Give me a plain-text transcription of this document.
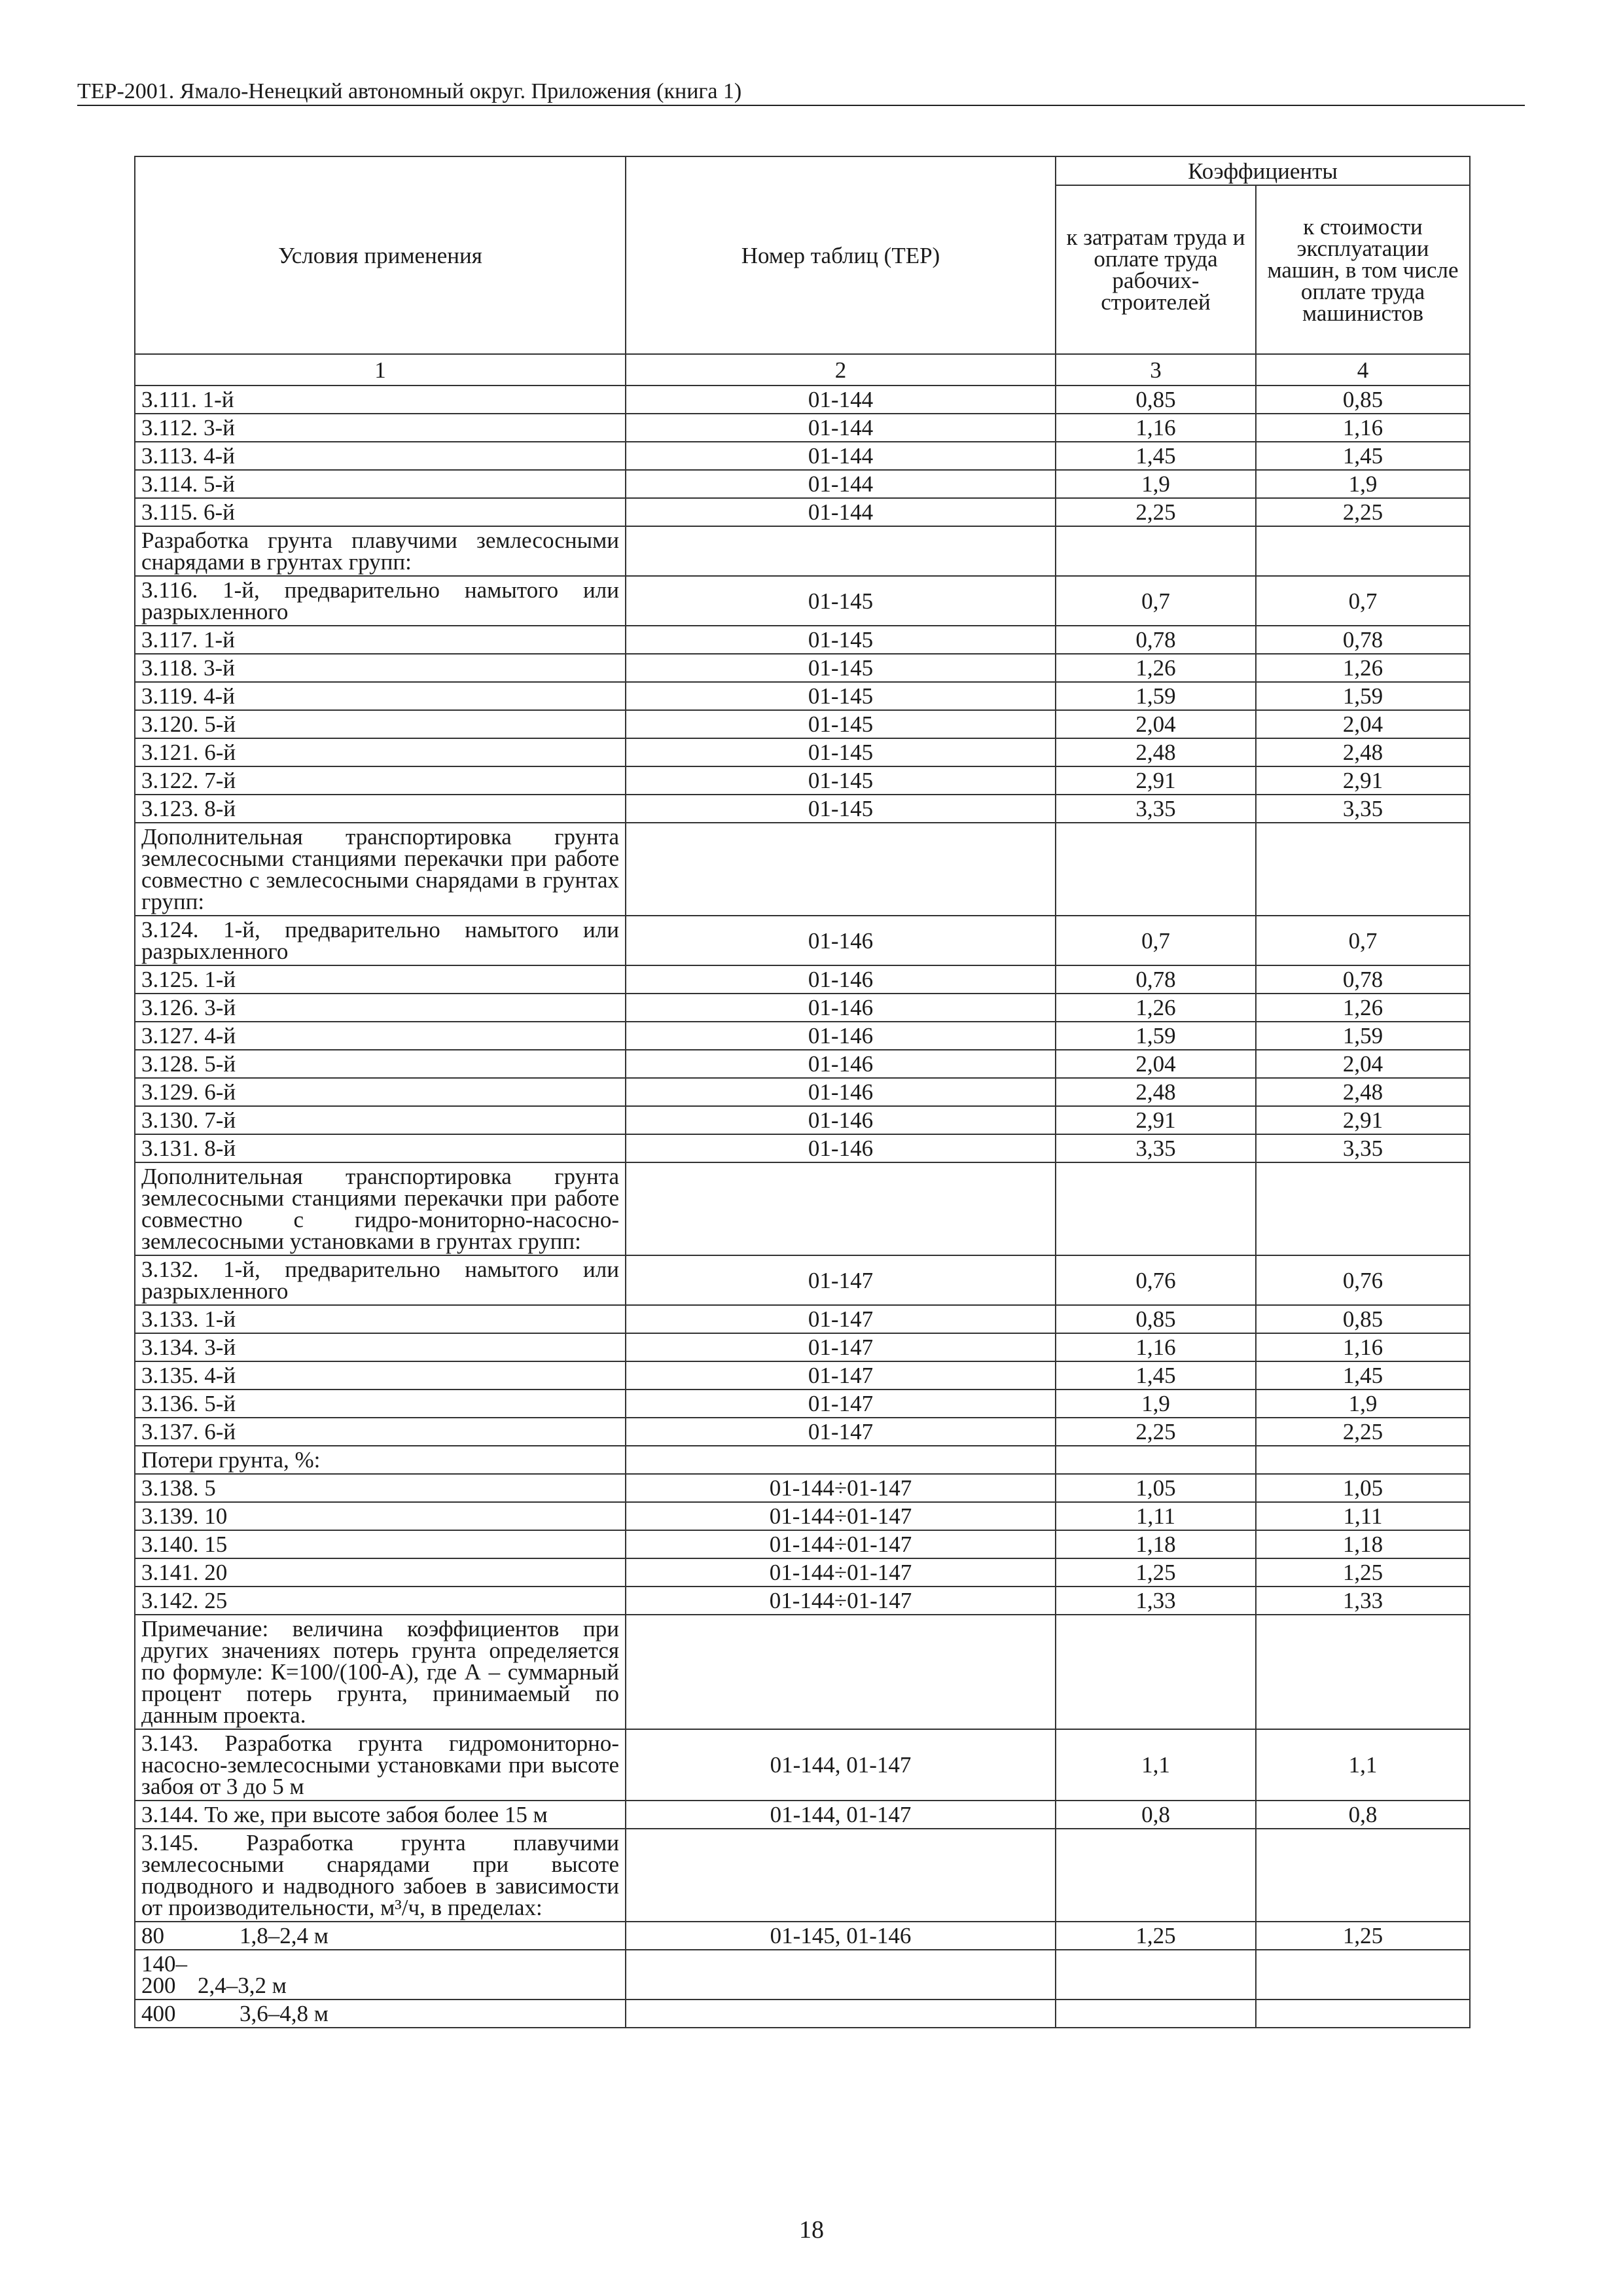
ТЕР-2001. Ямало-Ненецкий автономный округ. Приложения (книга 1)
Условия применения	Номер таблиц (ТЕР)	Коэффициенты	
		к затратам труда и оплате труда рабочих-строителей	к стоимости эксплуатации машин, в том числе оплате труда машинистов
1	2	3	4
3.111. 1-й	01-144	0,85	0,85
3.112. 3-й	01-144	1,16	1,16
3.113. 4-й	01-144	1,45	1,45
3.114. 5-й	01-144	1,9	1,9
3.115. 6-й	01-144	2,25	2,25
Разработка грунта плавучими землесосными снарядами в грунтах групп:			
3.116. 1-й, предварительно намытого или разрыхленного	01-145	0,7	0,7
3.117. 1-й	01-145	0,78	0,78
3.118. 3-й	01-145	1,26	1,26
3.119. 4-й	01-145	1,59	1,59
3.120. 5-й	01-145	2,04	2,04
3.121. 6-й	01-145	2,48	2,48
3.122. 7-й	01-145	2,91	2,91
3.123. 8-й	01-145	3,35	3,35
Дополнительная транспортировка грунта землесосными станциями перекачки при работе совместно с землесосными снарядами в грунтах групп:			
3.124. 1-й, предварительно намытого или разрыхленного	01-146	0,7	0,7
3.125. 1-й	01-146	0,78	0,78
3.126. 3-й	01-146	1,26	1,26
3.127. 4-й	01-146	1,59	1,59
3.128. 5-й	01-146	2,04	2,04
3.129. 6-й	01-146	2,48	2,48
3.130. 7-й	01-146	2,91	2,91
3.131. 8-й	01-146	3,35	3,35
Дополнительная транспортировка грунта землесосными станциями перекачки при работе совместно с гидро-мониторно-насосно-землесосными установками в грунтах групп:			
3.132. 1-й, предварительно намытого или разрыхленного	01-147	0,76	0,76
3.133. 1-й	01-147	0,85	0,85
3.134. 3-й	01-147	1,16	1,16
3.135. 4-й	01-147	1,45	1,45
3.136. 5-й	01-147	1,9	1,9
3.137. 6-й	01-147	2,25	2,25
Потери грунта, %:			
3.138. 5	01-144÷01-147	1,05	1,05
3.139. 10	01-144÷01-147	1,11	1,11
3.140. 15	01-144÷01-147	1,18	1,18
3.141. 20	01-144÷01-147	1,25	1,25
3.142. 25	01-144÷01-147	1,33	1,33
Примечание: величина коэффициентов при других значениях потерь грунта определяется по формуле: К=100/(100-А), где А – суммарный процент потерь грунта, принимаемый по данным проекта.			
3.143. Разработка грунта гидромониторно-насосно-землесосными установками при высоте забоя от 3 до 5 м	01-144, 01-147	1,1	1,1
3.144. То же, при высоте забоя более 15 м	01-144, 01-147	0,8	0,8
3.145. Разработка грунта плавучими землесосными снарядами при высоте подводного и надводного забоев в зависимости от производительности, м³/ч, в пределах:			
80 1,8–2,4 м	01-145, 01-146	1,25	1,25
140–200 2,4–3,2 м			
400 3,6–4,8 м			
18
